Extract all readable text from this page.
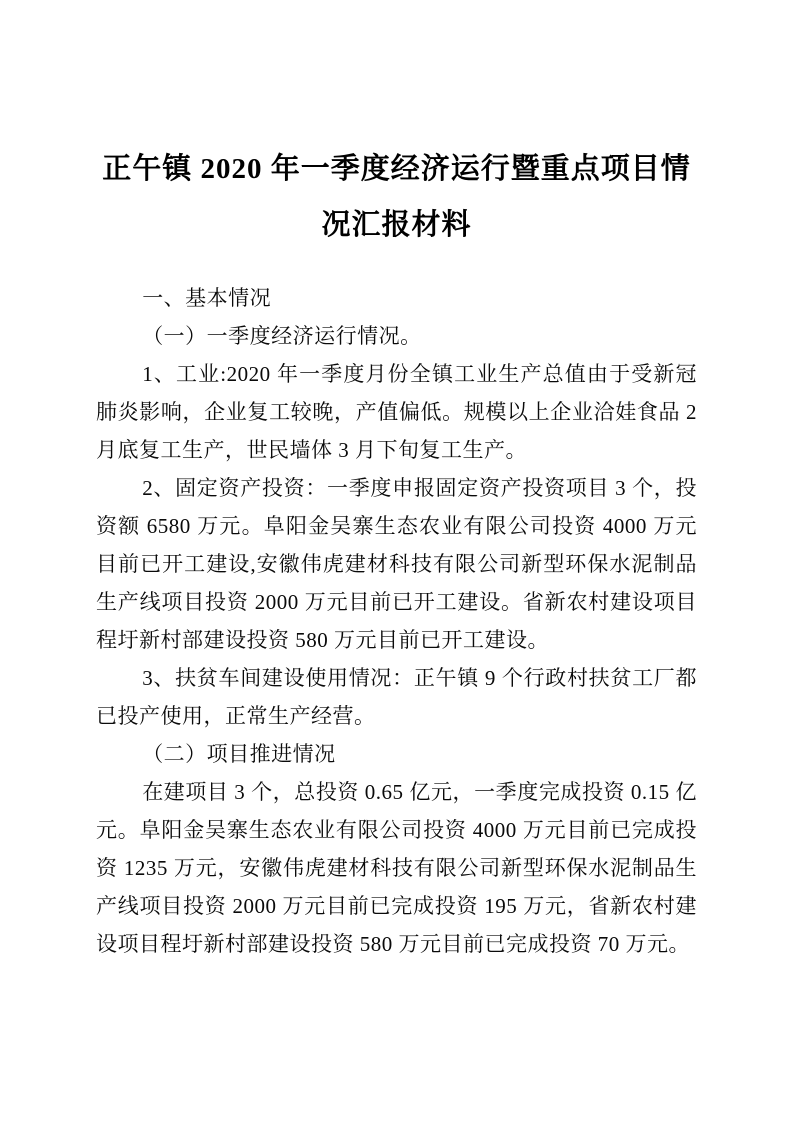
正午镇 2020 年一季度经济运行暨重点项目情况汇报材料

一、基本情况

（一）一季度经济运行情况。

1、工业:2020 年一季度月份全镇工业生产总值由于受新冠肺炎影响，企业复工较晚，产值偏低。规模以上企业洽娃食品 2 月底复工生产，世民墙体 3 月下旬复工生产。

2、固定资产投资：一季度申报固定资产投资项目 3 个，投资额 6580 万元。阜阳金吴寨生态农业有限公司投资 4000 万元目前已开工建设,安徽伟虎建材科技有限公司新型环保水泥制品生产线项目投资 2000 万元目前已开工建设。省新农村建设项目程圩新村部建设投资 580 万元目前已开工建设。

3、扶贫车间建设使用情况：正午镇 9 个行政村扶贫工厂都已投产使用，正常生产经营。

（二）项目推进情况

在建项目 3 个，总投资 0.65 亿元，一季度完成投资 0.15 亿元。阜阳金吴寨生态农业有限公司投资 4000 万元目前已完成投资 1235 万元，安徽伟虎建材科技有限公司新型环保水泥制品生产线项目投资 2000 万元目前已完成投资 195 万元，省新农村建设项目程圩新村部建设投资 580 万元目前已完成投资 70 万元。
